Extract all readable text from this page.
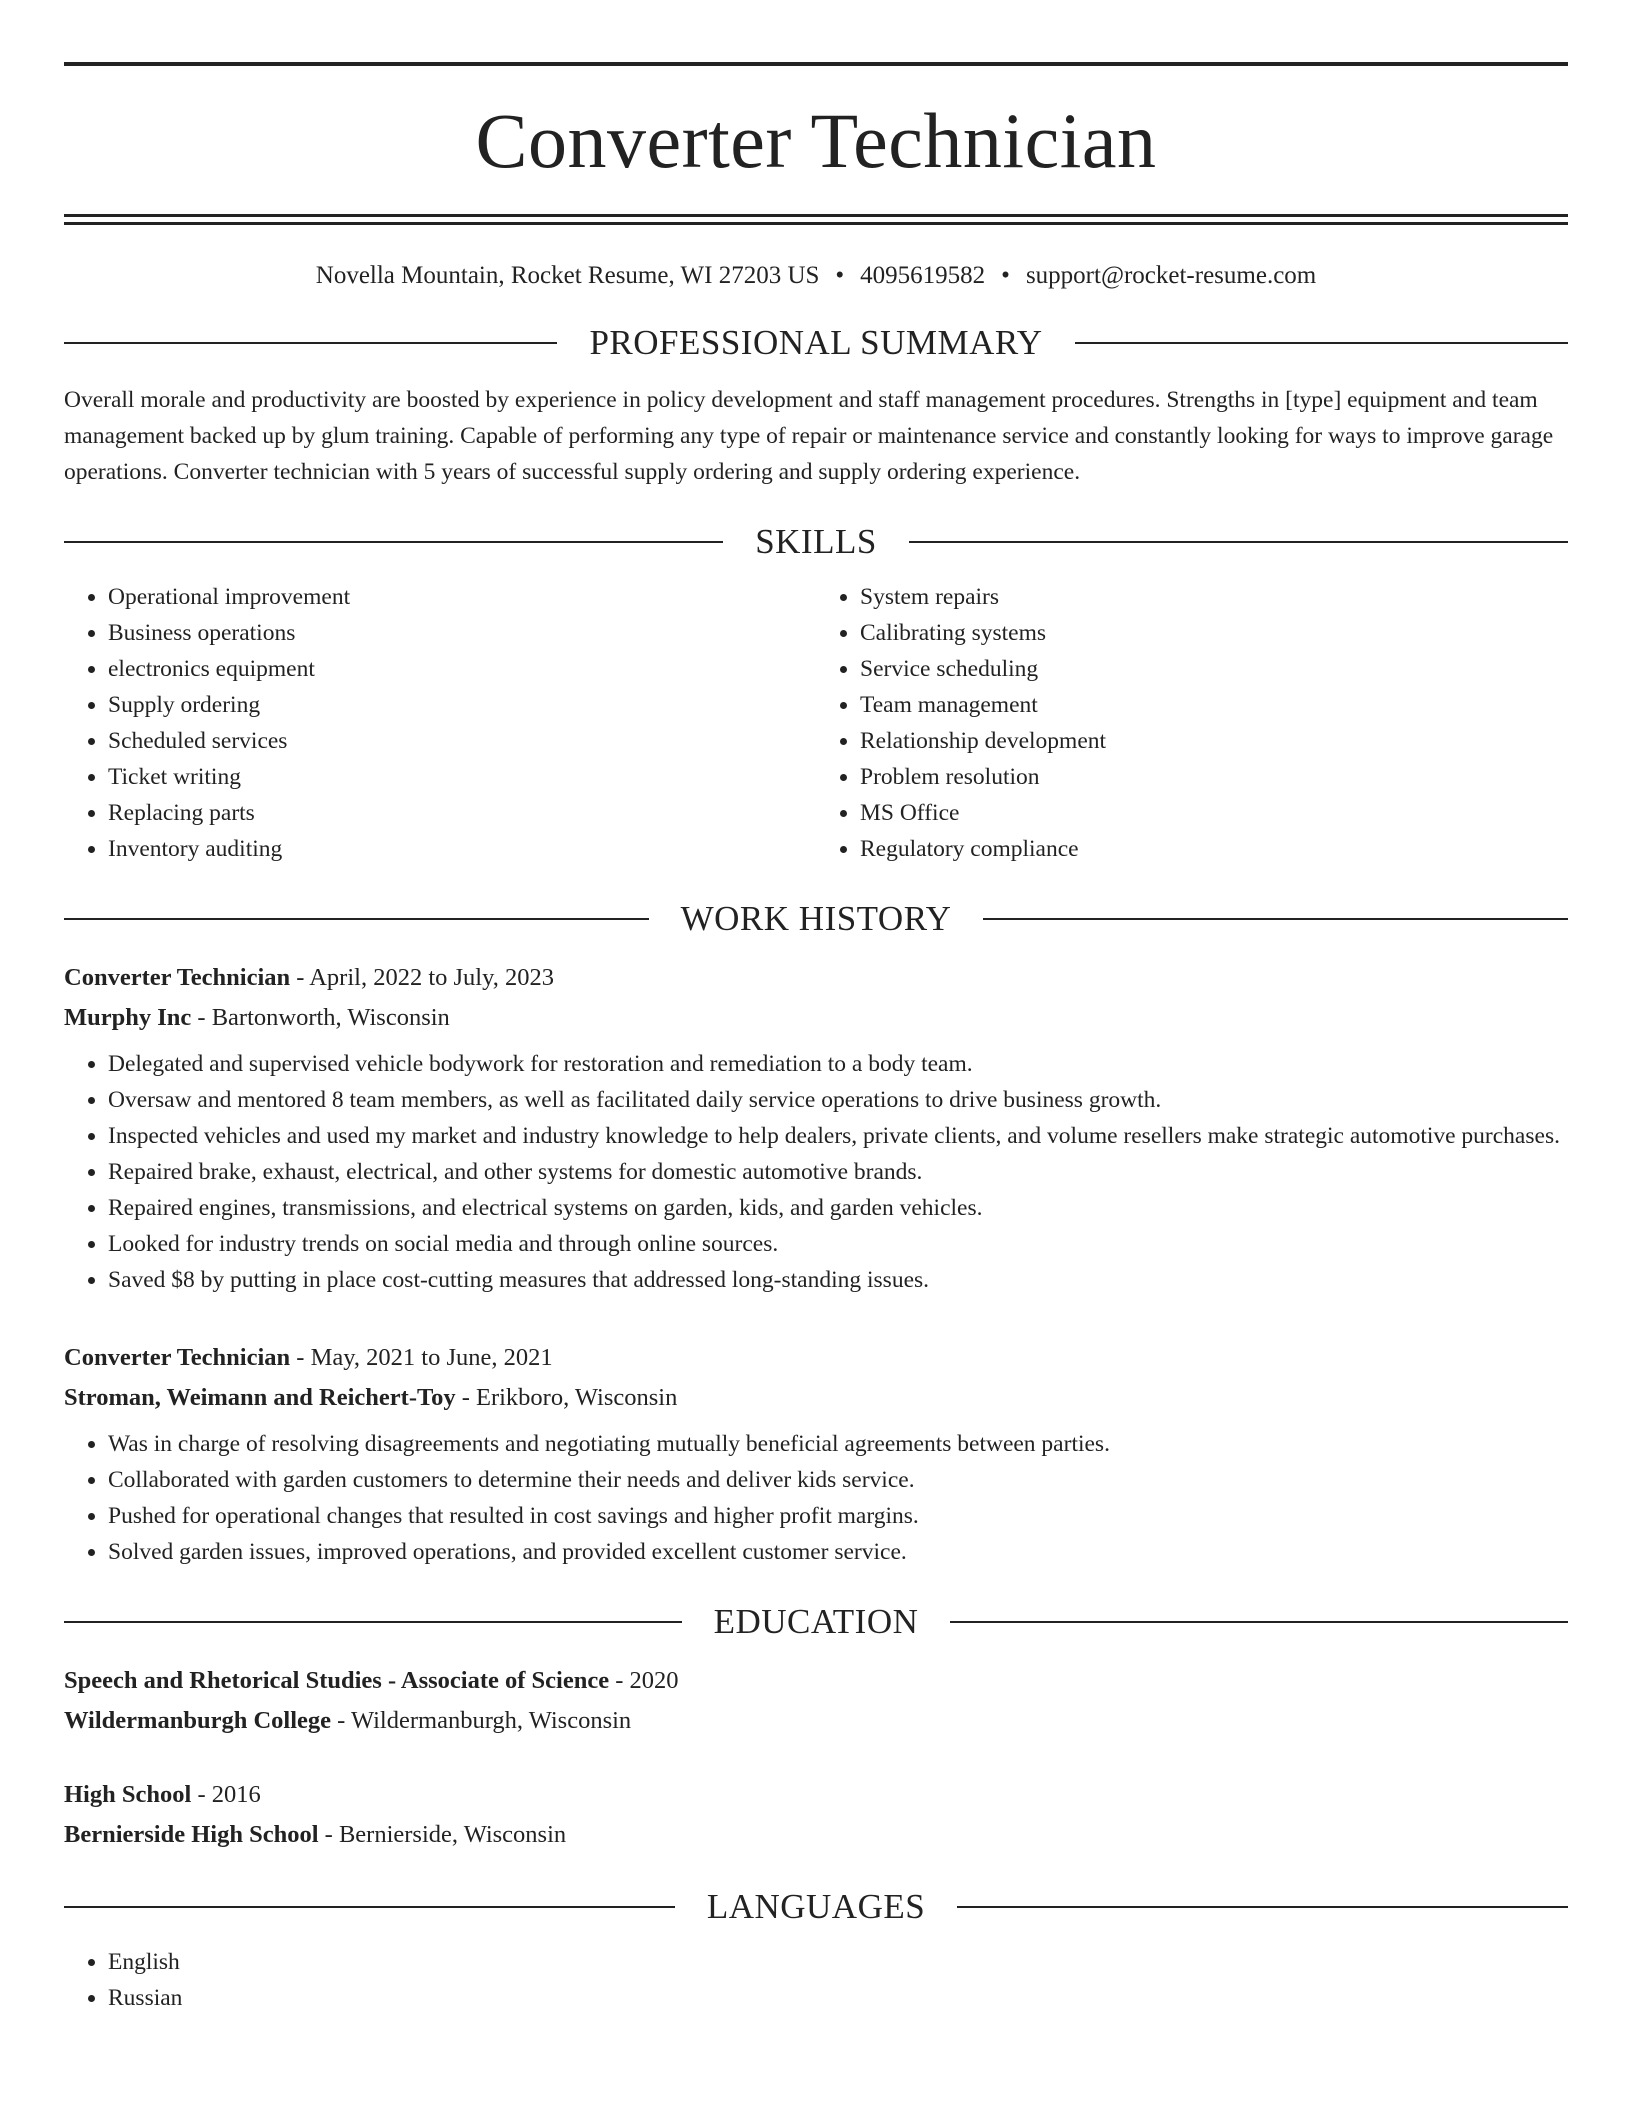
Converter Technician
Novella Mountain, Rocket Resume, WI 27203 US • 4095619582 • support@rocket-resume.com
PROFESSIONAL SUMMARY

Overall morale and productivity are boosted by experience in policy development and staff management procedures. Strengths in [type] equipment and team management backed up by glum training. Capable of performing any type of repair or maintenance service and constantly looking for ways to improve garage operations. Converter technician with 5 years of successful supply ordering and supply ordering experience.

SKILLS
• Operational improvement
• Business operations
• electronics equipment
• Supply ordering
• Scheduled services
• Ticket writing
• Replacing parts
• Inventory auditing
• System repairs
• Calibrating systems
• Service scheduling
• Team management
• Relationship development
• Problem resolution
• MS Office
• Regulatory compliance
WORK HISTORY
Converter Technician - April, 2022 to July, 2023
Murphy Inc - Bartonworth, Wisconsin
• Delegated and supervised vehicle bodywork for restoration and remediation to a body team.
• Oversaw and mentored 8 team members, as well as facilitated daily service operations to drive business growth.
• Inspected vehicles and used my market and industry knowledge to help dealers, private clients, and volume resellers make strategic automotive purchases.
• Repaired brake, exhaust, electrical, and other systems for domestic automotive brands.
• Repaired engines, transmissions, and electrical systems on garden, kids, and garden vehicles.
• Looked for industry trends on social media and through online sources.
• Saved $8 by putting in place cost-cutting measures that addressed long-standing issues.
Converter Technician - May, 2021 to June, 2021
Stroman, Weimann and Reichert-Toy - Erikboro, Wisconsin
• Was in charge of resolving disagreements and negotiating mutually beneficial agreements between parties.
• Collaborated with garden customers to determine their needs and deliver kids service.
• Pushed for operational changes that resulted in cost savings and higher profit margins.
• Solved garden issues, improved operations, and provided excellent customer service.
EDUCATION
Speech and Rhetorical Studies - Associate of Science - 2020
Wildermanburgh College - Wildermanburgh, Wisconsin
High School - 2016
Bernierside High School - Bernierside, Wisconsin
LANGUAGES
• English
• Russian
